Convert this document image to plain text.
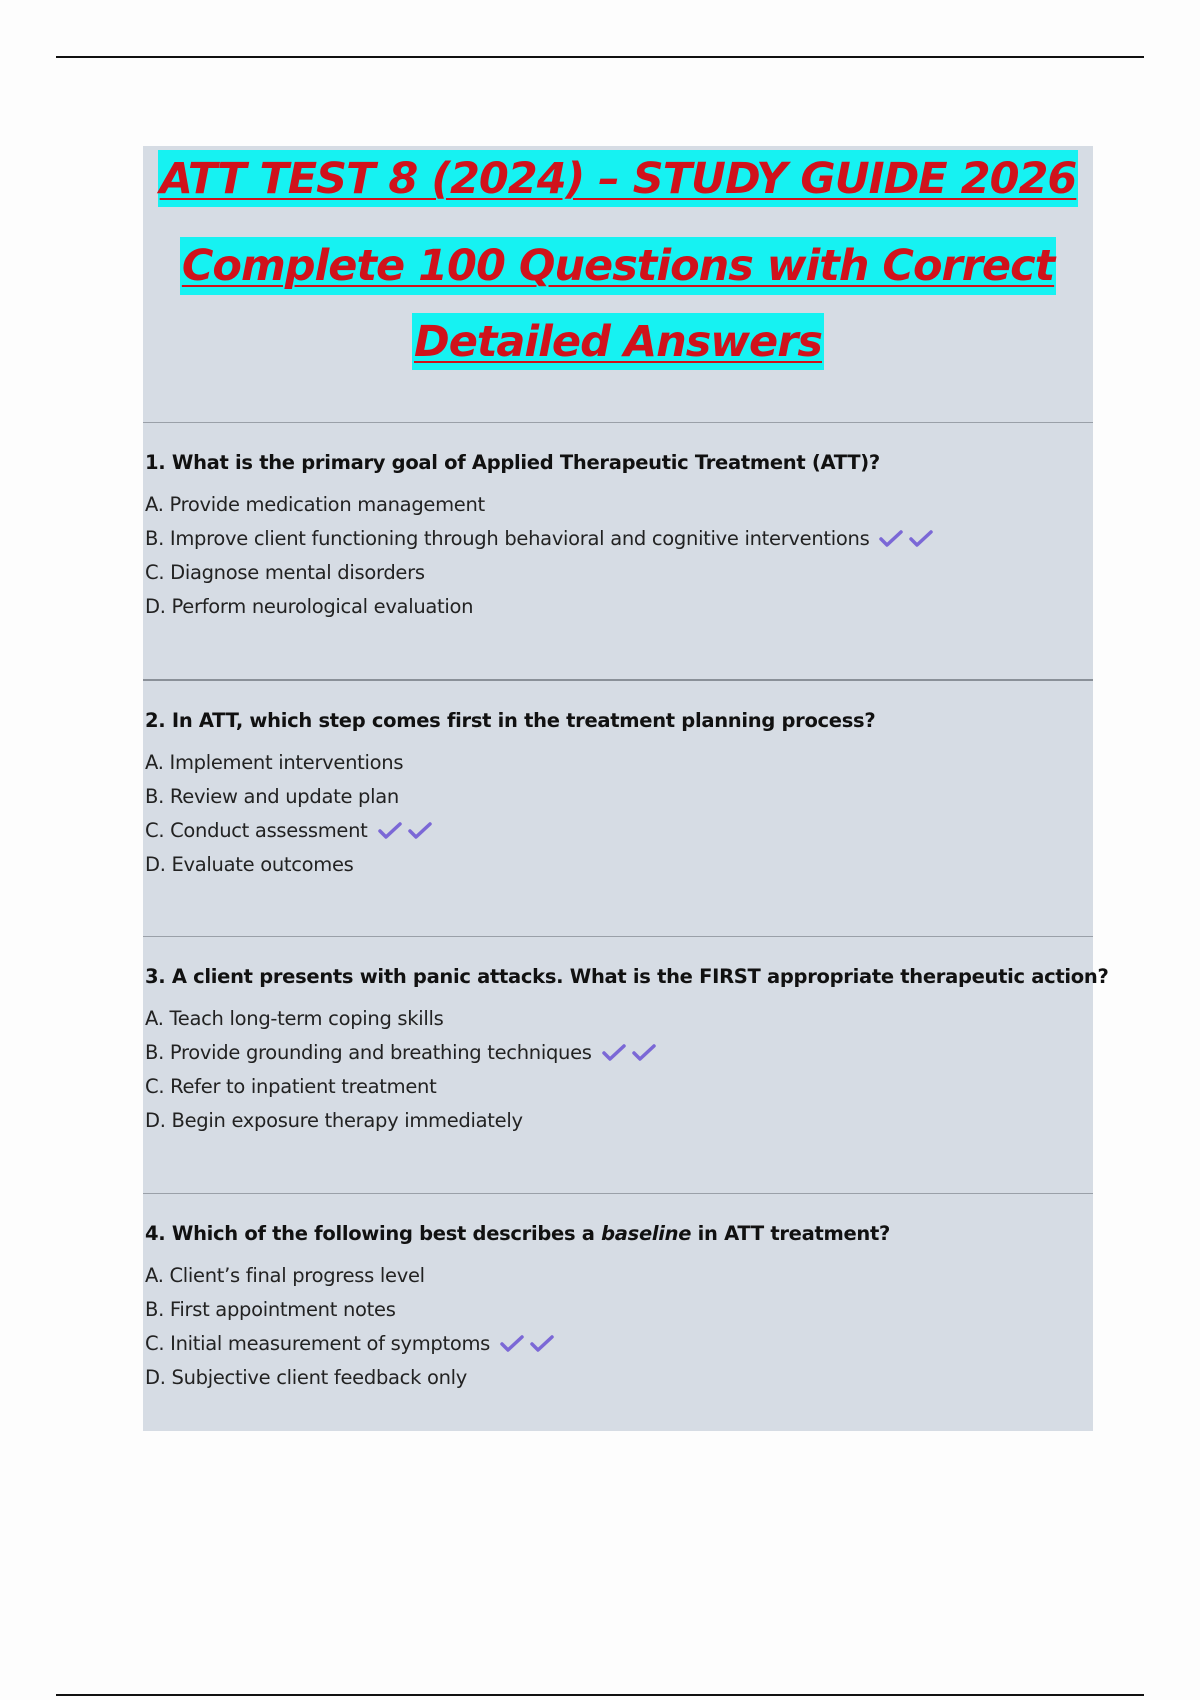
ATT TEST 8 (2024) – STUDY GUIDE 2026

Complete 100 Questions with Correct

Detailed Answers

1. What is the primary goal of Applied Therapeutic Treatment (ATT)?

A. Provide medication management
B. Improve client functioning through behavioral and cognitive interventions
C. Diagnose mental disorders
D. Perform neurological evaluation

2. In ATT, which step comes first in the treatment planning process?

A. Implement interventions
B. Review and update plan
C. Conduct assessment
D. Evaluate outcomes

3. A client presents with panic attacks. What is the FIRST appropriate therapeutic action?

A. Teach long-term coping skills
B. Provide grounding and breathing techniques
C. Refer to inpatient treatment
D. Begin exposure therapy immediately

4. Which of the following best describes a baseline in ATT treatment?

A. Client’s final progress level
B. First appointment notes
C. Initial measurement of symptoms
D. Subjective client feedback only
